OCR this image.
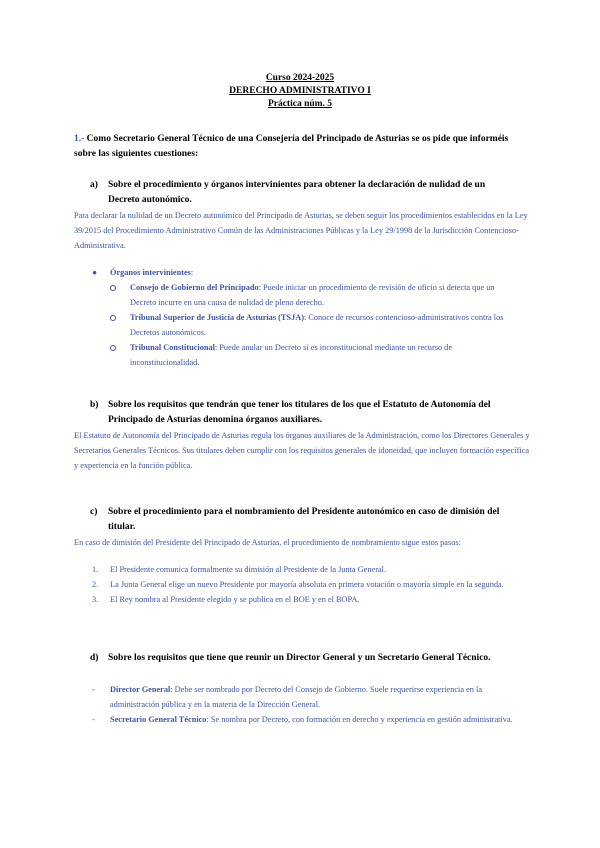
Curso 2024-2025
DERECHO ADMINISTRATIVO I
Práctica núm. 5
1.- Como Secretario General Técnico de una Consejería del Principado de Asturias se os pide que informéis sobre las siguientes cuestiones:
a) Sobre el procedimiento y órganos intervinientes para obtener la declaración de nulidad de un Decreto autonómico.
Para declarar la nulidad de un Decreto autonómico del Principado de Asturias, se deben seguir los procedimientos establecidos en la Ley 39/2015 del Procedimiento Administrativo Común de las Administraciones Públicas y la Ley 29/1998 de la Jurisdicción Contencioso-Administrativa.
● Órganos intervinientes:
Consejo de Gobierno del Principado: Puede iniciar un procedimiento de revisión de oficio si detecta que un Decreto incurre en una causa de nulidad de pleno derecho.
Tribunal Superior de Justicia de Asturias (TSJA): Conoce de recursos contencioso-administrativos contra los Decretos autonómicos.
Tribunal Constitucional: Puede anular un Decreto si es inconstitucional mediante un recurso de inconstitucionalidad.
b) Sobre los requisitos que tendrán que tener los titulares de los que el Estatuto de Autonomía del Principado de Asturias denomina órganos auxiliares.
El Estatuto de Autonomía del Principado de Asturias regula los órganos auxiliares de la Administración, como los Directores Generales y Secretarios Generales Técnicos. Sus titulares deben cumplir con los requisitos generales de idoneidad, que incluyen formación específica y experiencia en la función pública.
c) Sobre el procedimiento para el nombramiento del Presidente autonómico en caso de dimisión del titular.
En caso de dimisión del Presidente del Principado de Asturias, el procedimiento de nombramiento sigue estos pasos:
1. El Presidente comunica formalmente su dimisión al Presidente de la Junta General.
2. La Junta General elige un nuevo Presidente por mayoría absoluta en primera votación o mayoría simple en la segunda.
3. El Rey nombra al Presidente elegido y se publica en el BOE y en el BOPA.
d) Sobre los requisitos que tiene que reunir un Director General y un Secretario General Técnico.
- Director General: Debe ser nombrado por Decreto del Consejo de Gobierno. Suele requerirse experiencia en la administración pública y en la materia de la Dirección General.
- Secretario General Técnico: Se nombra por Decreto, con formación en derecho y experiencia en gestión administrativa.
